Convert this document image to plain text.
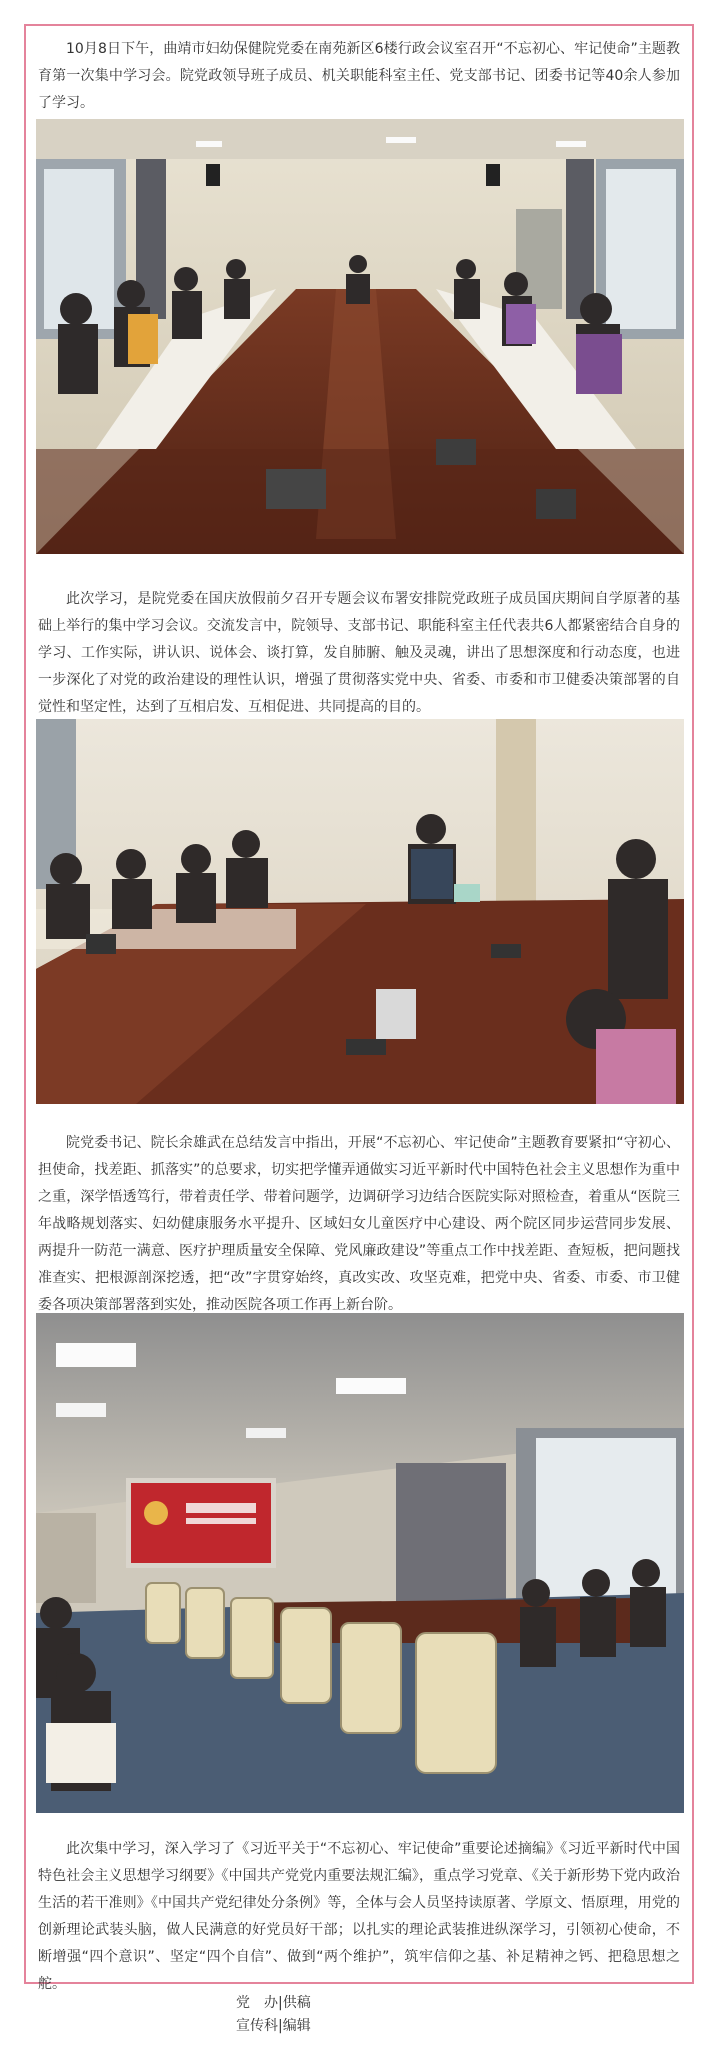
10月8日下午，曲靖市妇幼保健院党委在南苑新区6楼行政会议室召开“不忘初心、牢记使命”主题教育第一次集中学习会。院党政领导班子成员、机关职能科室主任、党支部书记、团委书记等40余人参加了学习。

此次学习，是院党委在国庆放假前夕召开专题会议布署安排院党政班子成员国庆期间自学原著的基础上举行的集中学习会议。交流发言中，院领导、支部书记、职能科室主任代表共6人都紧密结合自身的学习、工作实际，讲认识、说体会、谈打算，发自肺腑、触及灵魂，讲出了思想深度和行动态度，也进一步深化了对党的政治建设的理性认识，增强了贯彻落实党中央、省委、市委和市卫健委决策部署的自觉性和坚定性，达到了互相启发、互相促进、共同提高的目的。

院党委书记、院长余雄武在总结发言中指出，开展“不忘初心、牢记使命”主题教育要紧扣“守初心、担使命，找差距、抓落实”的总要求，切实把学懂弄通做实习近平新时代中国特色社会主义思想作为重中之重，深学悟透笃行，带着责任学、带着问题学，边调研学习边结合医院实际对照检查，着重从“医院三年战略规划落实、妇幼健康服务水平提升、区域妇女儿童医疗中心建设、两个院区同步运营同步发展、两提升一防范一满意、医疗护理质量安全保障、党风廉政建设”等重点工作中找差距、查短板，把问题找准查实、把根源剖深挖透，把“改”字贯穿始终，真改实改、攻坚克难，把党中央、省委、市委、市卫健委各项决策部署落到实处，推动医院各项工作再上新台阶。

此次集中学习，深入学习了《习近平关于“不忘初心、牢记使命”重要论述摘编》《习近平新时代中国特色社会主义思想学习纲要》《中国共产党党内重要法规汇编》，重点学习党章、《关于新形势下党内政治生活的若干准则》《中国共产党纪律处分条例》等，全体与会人员坚持读原著、学原文、悟原理，用党的创新理论武装头脑，做人民满意的好党员好干部；以扎实的理论武装推进纵深学习，引领初心使命，不断增强“四个意识”、坚定“四个自信”、做到“两个维护”，筑牢信仰之基、补足精神之钙、把稳思想之舵。

党　办|供稿
宣传科|编辑
